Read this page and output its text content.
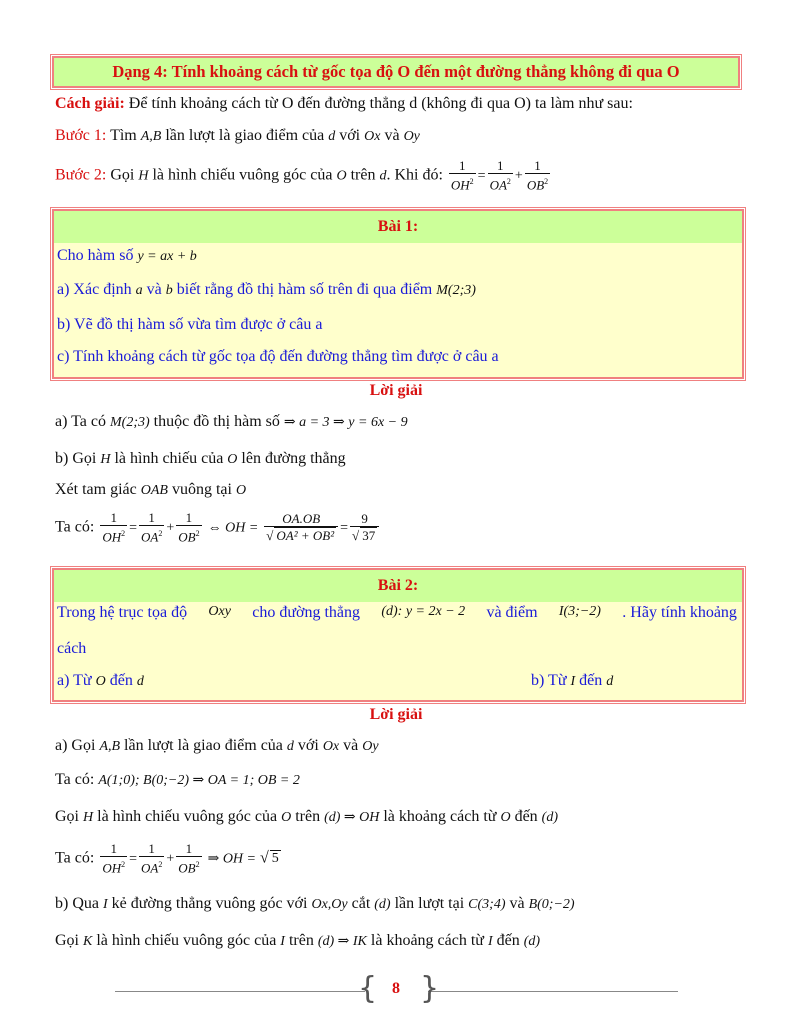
Dạng 4: Tính khoảng cách từ gốc tọa độ O đến một đường thẳng không đi qua O
Cách giải: Để tính khoảng cách từ O đến đường thẳng d (không đi qua O) ta làm như sau:
Bước 1: Tìm A,B lần lượt là giao điểm của d với Ox và Oy
Bước 2: Gọi H là hình chiếu vuông góc của O trên d. Khi đó: $\frac{1}{OH^2} = \frac{1}{OA^2} + \frac{1}{OB^2}$
Bài 1:
Cho hàm số y = ax + b
a) Xác định a và b biết rằng đồ thị hàm số trên đi qua điểm M(2;3)
b) Vẽ đồ thị hàm số vừa tìm được ở câu a
c) Tính khoảng cách từ gốc tọa độ đến đường thẳng tìm được ở câu a
Lời giải
a) Ta có M(2;3) thuộc đồ thị hàm số ⇒ a = 3 ⇒ y = 6x − 9
b) Gọi H là hình chiếu của O lên đường thẳng
Xét tam giác OAB vuông tại O
Ta có: $\frac{1}{OH^2} = \frac{1}{OA^2} + \frac{1}{OB^2}$ ⇔ OH = $\frac{OA.OB}{\text{√ OA² + OB²}} = \frac{9}{√ 37}$
Bài 2:
Trong hệ trục tọa độ Oxy cho đường thẳng (d): y = 2x − 2 và điểm I(3;−2) . Hãy tính khoảng
cách
a) Từ O đến d	b) Từ I đến d
Lời giải
a) Gọi A,B lần lượt là giao điểm của d với Ox và Oy
Ta có: A(1;0); B(0;−2) ⇒ OA = 1; OB = 2
Gọi H là hình chiếu vuông góc của O trên (d) ⇒ OH là khoảng cách từ O đến (d)
Ta có: $\frac{1}{OH^2} = \frac{1}{OA^2} + \frac{1}{OB^2}$ ⇒ OH = √ 5
b) Qua I kẻ đường thẳng vuông góc với Ox,Oy cắt (d) lần lượt tại C(3;4) và B(0;−2)
Gọi K là hình chiếu vuông góc của I trên (d) ⇒ IK là khoảng cách từ I đến (d)
{ }
8
